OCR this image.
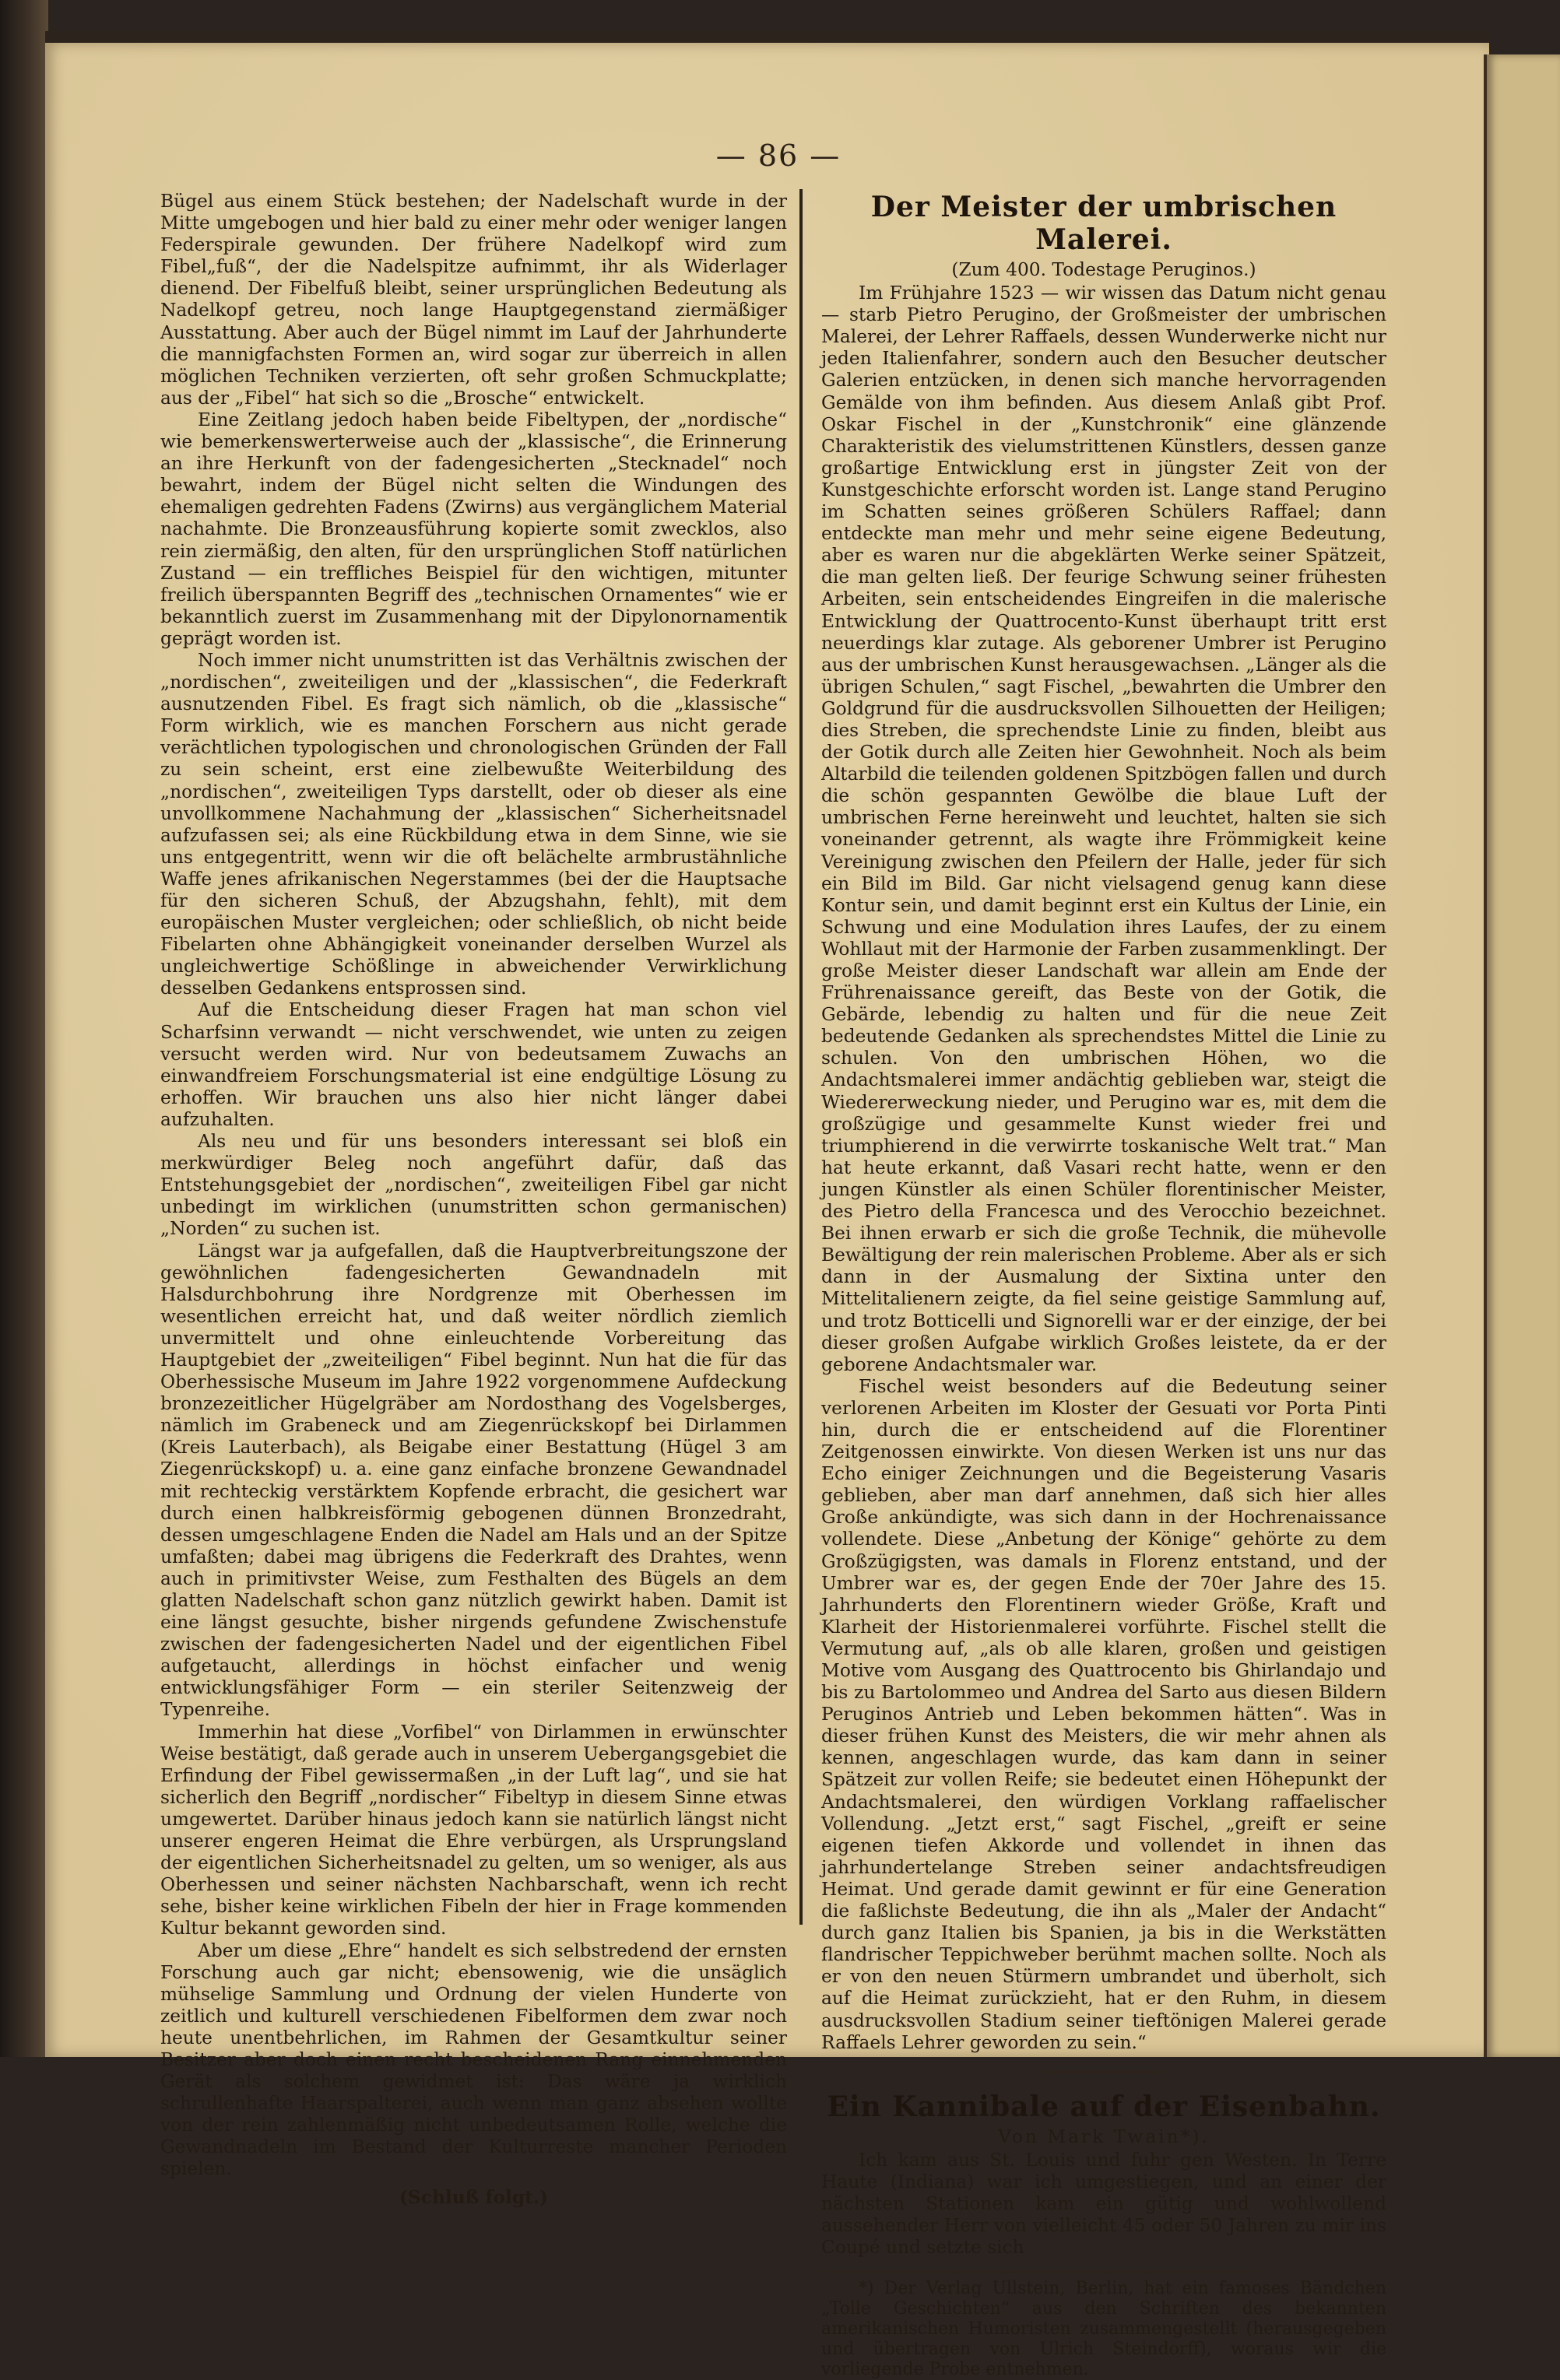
— 86 —

Bügel aus einem Stück bestehen; der Nadelschaft wurde in der Mitte umgebogen und hier bald zu einer mehr oder weniger langen Federspirale gewunden. Der frühere Nadelkopf wird zum Fibel„fuß“, der die Nadelspitze aufnimmt, ihr als Widerlager dienend. Der Fibelfuß bleibt, seiner ursprünglichen Bedeutung als Nadelkopf getreu, noch lange Hauptgegenstand ziermäßiger Ausstattung. Aber auch der Bügel nimmt im Lauf der Jahrhunderte die mannigfachsten Formen an, wird sogar zur überreich in allen möglichen Techniken verzierten, oft sehr großen Schmuckplatte; aus der „Fibel“ hat sich so die „Brosche“ entwickelt.

Eine Zeitlang jedoch haben beide Fibeltypen, der „nordische“ wie bemerkenswerterweise auch der „klassische“, die Erinnerung an ihre Herkunft von der fadengesicherten „Stecknadel“ noch bewahrt, indem der Bügel nicht selten die Windungen des ehemaligen gedrehten Fadens (Zwirns) aus vergänglichem Material nachahmte. Die Bronzeausführung kopierte somit zwecklos, also rein ziermäßig, den alten, für den ursprünglichen Stoff natürlichen Zustand — ein treffliches Beispiel für den wichtigen, mitunter freilich überspannten Begriff des „technischen Ornamentes“ wie er bekanntlich zuerst im Zusammenhang mit der Dipylonornamentik geprägt worden ist.

Noch immer nicht unumstritten ist das Verhältnis zwischen der „nordischen“, zweiteiligen und der „klassischen“, die Federkraft ausnutzenden Fibel. Es fragt sich nämlich, ob die „klassische“ Form wirklich, wie es manchen Forschern aus nicht gerade verächtlichen typologischen und chronologischen Gründen der Fall zu sein scheint, erst eine zielbewußte Weiterbildung des „nordischen“, zweiteiligen Typs darstellt, oder ob dieser als eine unvollkommene Nachahmung der „klassischen“ Sicherheitsnadel aufzufassen sei; als eine Rückbildung etwa in dem Sinne, wie sie uns entgegentritt, wenn wir die oft belächelte armbrustähnliche Waffe jenes afrikanischen Negerstammes (bei der die Hauptsache für den sicheren Schuß, der Abzugshahn, fehlt), mit dem europäischen Muster vergleichen; oder schließlich, ob nicht beide Fibelarten ohne Abhängigkeit voneinander derselben Wurzel als ungleichwertige Schößlinge in abweichender Verwirklichung desselben Gedankens entsprossen sind.

Auf die Entscheidung dieser Fragen hat man schon viel Scharfsinn verwandt — nicht verschwendet, wie unten zu zeigen versucht werden wird. Nur von bedeutsamem Zuwachs an einwandfreiem Forschungsmaterial ist eine endgültige Lösung zu erhoffen. Wir brauchen uns also hier nicht länger dabei aufzuhalten.

Als neu und für uns besonders interessant sei bloß ein merkwürdiger Beleg noch angeführt dafür, daß das Entstehungsgebiet der „nordischen“, zweiteiligen Fibel gar nicht unbedingt im wirklichen (unumstritten schon germanischen) „Norden“ zu suchen ist.

Längst war ja aufgefallen, daß die Hauptverbreitungszone der gewöhnlichen fadengesicherten Gewandnadeln mit Halsdurchbohrung ihre Nordgrenze mit Oberhessen im wesentlichen erreicht hat, und daß weiter nördlich ziemlich unvermittelt und ohne einleuchtende Vorbereitung das Hauptgebiet der „zweiteiligen“ Fibel beginnt. Nun hat die für das Oberhessische Museum im Jahre 1922 vorgenommene Aufdeckung bronzezeitlicher Hügelgräber am Nordosthang des Vogelsberges, nämlich im Grabeneck und am Ziegenrückskopf bei Dirlammen (Kreis Lauterbach), als Beigabe einer Bestattung (Hügel 3 am Ziegenrückskopf) u. a. eine ganz einfache bronzene Gewandnadel mit rechteckig verstärktem Kopfende erbracht, die gesichert war durch einen halbkreisförmig gebogenen dünnen Bronzedraht, dessen umgeschlagene Enden die Nadel am Hals und an der Spitze umfaßten; dabei mag übrigens die Federkraft des Drahtes, wenn auch in primitivster Weise, zum Festhalten des Bügels an dem glatten Nadelschaft schon ganz nützlich gewirkt haben. Damit ist eine längst gesuchte, bisher nirgends gefundene Zwischenstufe zwischen der fadengesicherten Nadel und der eigentlichen Fibel aufgetaucht, allerdings in höchst einfacher und wenig entwicklungsfähiger Form — ein steriler Seitenzweig der Typenreihe.

Immerhin hat diese „Vorfibel“ von Dirlammen in erwünschter Weise bestätigt, daß gerade auch in unserem Uebergangsgebiet die Erfindung der Fibel gewissermaßen „in der Luft lag“, und sie hat sicherlich den Begriff „nordischer“ Fibeltyp in diesem Sinne etwas umgewertet. Darüber hinaus jedoch kann sie natürlich längst nicht unserer engeren Heimat die Ehre verbürgen, als Ursprungsland der eigentlichen Sicherheitsnadel zu gelten, um so weniger, als aus Oberhessen und seiner nächsten Nachbarschaft, wenn ich recht sehe, bisher keine wirklichen Fibeln der hier in Frage kommenden Kultur bekannt geworden sind.

Aber um diese „Ehre“ handelt es sich selbstredend der ernsten Forschung auch gar nicht; ebensowenig, wie die unsäglich mühselige Sammlung und Ordnung der vielen Hunderte von zeitlich und kulturell verschiedenen Fibelformen dem zwar noch heute unentbehrlichen, im Rahmen der Gesamtkultur seiner Besitzer aber doch einen recht bescheidenen Rang einnehmenden Gerät als solchem gewidmet ist: Das wäre ja wirklich schrullenhafte Haarspalterei, auch wenn man ganz absehen wollte von der rein zahlenmäßig nicht unbedeutsamen Rolle, welche die Gewandnadeln im Bestand der Kulturreste mancher Perioden spielen.

(Schluß folgt.)
Der Meister der umbrischen Malerei.
(Zum 400. Todestage Peruginos.)

Im Frühjahre 1523 — wir wissen das Datum nicht genau — starb Pietro Perugino, der Großmeister der umbrischen Malerei, der Lehrer Raffaels, dessen Wunderwerke nicht nur jeden Italienfahrer, sondern auch den Besucher deutscher Galerien entzücken, in denen sich manche hervorragenden Gemälde von ihm befinden. Aus diesem Anlaß gibt Prof. Oskar Fischel in der „Kunstchronik“ eine glänzende Charakteristik des vielumstrittenen Künstlers, dessen ganze großartige Entwicklung erst in jüngster Zeit von der Kunstgeschichte erforscht worden ist. Lange stand Perugino im Schatten seines größeren Schülers Raffael; dann entdeckte man mehr und mehr seine eigene Bedeutung, aber es waren nur die abgeklärten Werke seiner Spätzeit, die man gelten ließ. Der feurige Schwung seiner frühesten Arbeiten, sein entscheidendes Eingreifen in die malerische Entwicklung der Quattrocento-Kunst überhaupt tritt erst neuerdings klar zutage. Als geborener Umbrer ist Perugino aus der umbrischen Kunst herausgewachsen. „Länger als die übrigen Schulen,“ sagt Fischel, „bewahrten die Umbrer den Goldgrund für die ausdrucksvollen Silhouetten der Heiligen; dies Streben, die sprechendste Linie zu finden, bleibt aus der Gotik durch alle Zeiten hier Gewohnheit. Noch als beim Altarbild die teilenden goldenen Spitzbögen fallen und durch die schön gespannten Gewölbe die blaue Luft der umbrischen Ferne hereinweht und leuchtet, halten sie sich voneinander getrennt, als wagte ihre Frömmigkeit keine Vereinigung zwischen den Pfeilern der Halle, jeder für sich ein Bild im Bild. Gar nicht vielsagend genug kann diese Kontur sein, und damit beginnt erst ein Kultus der Linie, ein Schwung und eine Modulation ihres Laufes, der zu einem Wohllaut mit der Harmonie der Farben zusammenklingt. Der große Meister dieser Landschaft war allein am Ende der Frührenaissance gereift, das Beste von der Gotik, die Gebärde, lebendig zu halten und für die neue Zeit bedeutende Gedanken als sprechendstes Mittel die Linie zu schulen. Von den umbrischen Höhen, wo die Andachtsmalerei immer andächtig geblieben war, steigt die Wiedererweckung nieder, und Perugino war es, mit dem die großzügige und gesammelte Kunst wieder frei und triumphierend in die verwirrte toskanische Welt trat.“ Man hat heute erkannt, daß Vasari recht hatte, wenn er den jungen Künstler als einen Schüler florentinischer Meister, des Pietro della Francesca und des Verocchio bezeichnet. Bei ihnen erwarb er sich die große Technik, die mühevolle Bewältigung der rein malerischen Probleme. Aber als er sich dann in der Ausmalung der Sixtina unter den Mittelitalienern zeigte, da fiel seine geistige Sammlung auf, und trotz Botticelli und Signorelli war er der einzige, der bei dieser großen Aufgabe wirklich Großes leistete, da er der geborene Andachtsmaler war.

Fischel weist besonders auf die Bedeutung seiner verlorenen Arbeiten im Kloster der Gesuati vor Porta Pinti hin, durch die er entscheidend auf die Florentiner Zeitgenossen einwirkte. Von diesen Werken ist uns nur das Echo einiger Zeichnungen und die Begeisterung Vasaris geblieben, aber man darf annehmen, daß sich hier alles Große ankündigte, was sich dann in der Hochrenaissance vollendete. Diese „Anbetung der Könige“ gehörte zu dem Großzügigsten, was damals in Florenz entstand, und der Umbrer war es, der gegen Ende der 70er Jahre des 15. Jahrhunderts den Florentinern wieder Größe, Kraft und Klarheit der Historienmalerei vorführte. Fischel stellt die Vermutung auf, „als ob alle klaren, großen und geistigen Motive vom Ausgang des Quattrocento bis Ghirlandajo und bis zu Bartolommeo und Andrea del Sarto aus diesen Bildern Peruginos Antrieb und Leben bekommen hätten“. Was in dieser frühen Kunst des Meisters, die wir mehr ahnen als kennen, angeschlagen wurde, das kam dann in seiner Spätzeit zur vollen Reife; sie bedeutet einen Höhepunkt der Andachtsmalerei, den würdigen Vorklang raffaelischer Vollendung. „Jetzt erst,“ sagt Fischel, „greift er seine eigenen tiefen Akkorde und vollendet in ihnen das jahrhundertelange Streben seiner andachtsfreudigen Heimat. Und gerade damit gewinnt er für eine Generation die faßlichste Bedeutung, die ihn als „Maler der Andacht“ durch ganz Italien bis Spanien, ja bis in die Werkstätten flandrischer Teppichweber berühmt machen sollte. Noch als er von den neuen Stürmern umbrandet und überholt, sich auf die Heimat zurückzieht, hat er den Ruhm, in diesem ausdrucksvollen Stadium seiner tieftönigen Malerei gerade Raffaels Lehrer geworden zu sein.“

Ein Kannibale auf der Eisenbahn.
Von Mark Twain*).

Ich kam aus St. Louis und fuhr gen Westen. In Terre Haute (Indiana) war ich umgestiegen, und an einer der nächsten Stationen kam ein gütig und wohlwollend aussehender Herr von vielleicht 45 oder 50 Jahren zu mir ins Coupé und setzte sich

*) Der Verlag Ullstein, Berlin, hat ein famoses Bändchen „Tolle Geschichten“ aus den Schriften des bekannten amerikanischen Humoristen zusammengestellt (herausgegeben und übertragen von Ulrich Steindorff), woraus wir die vorliegende Probe entnehmen.
